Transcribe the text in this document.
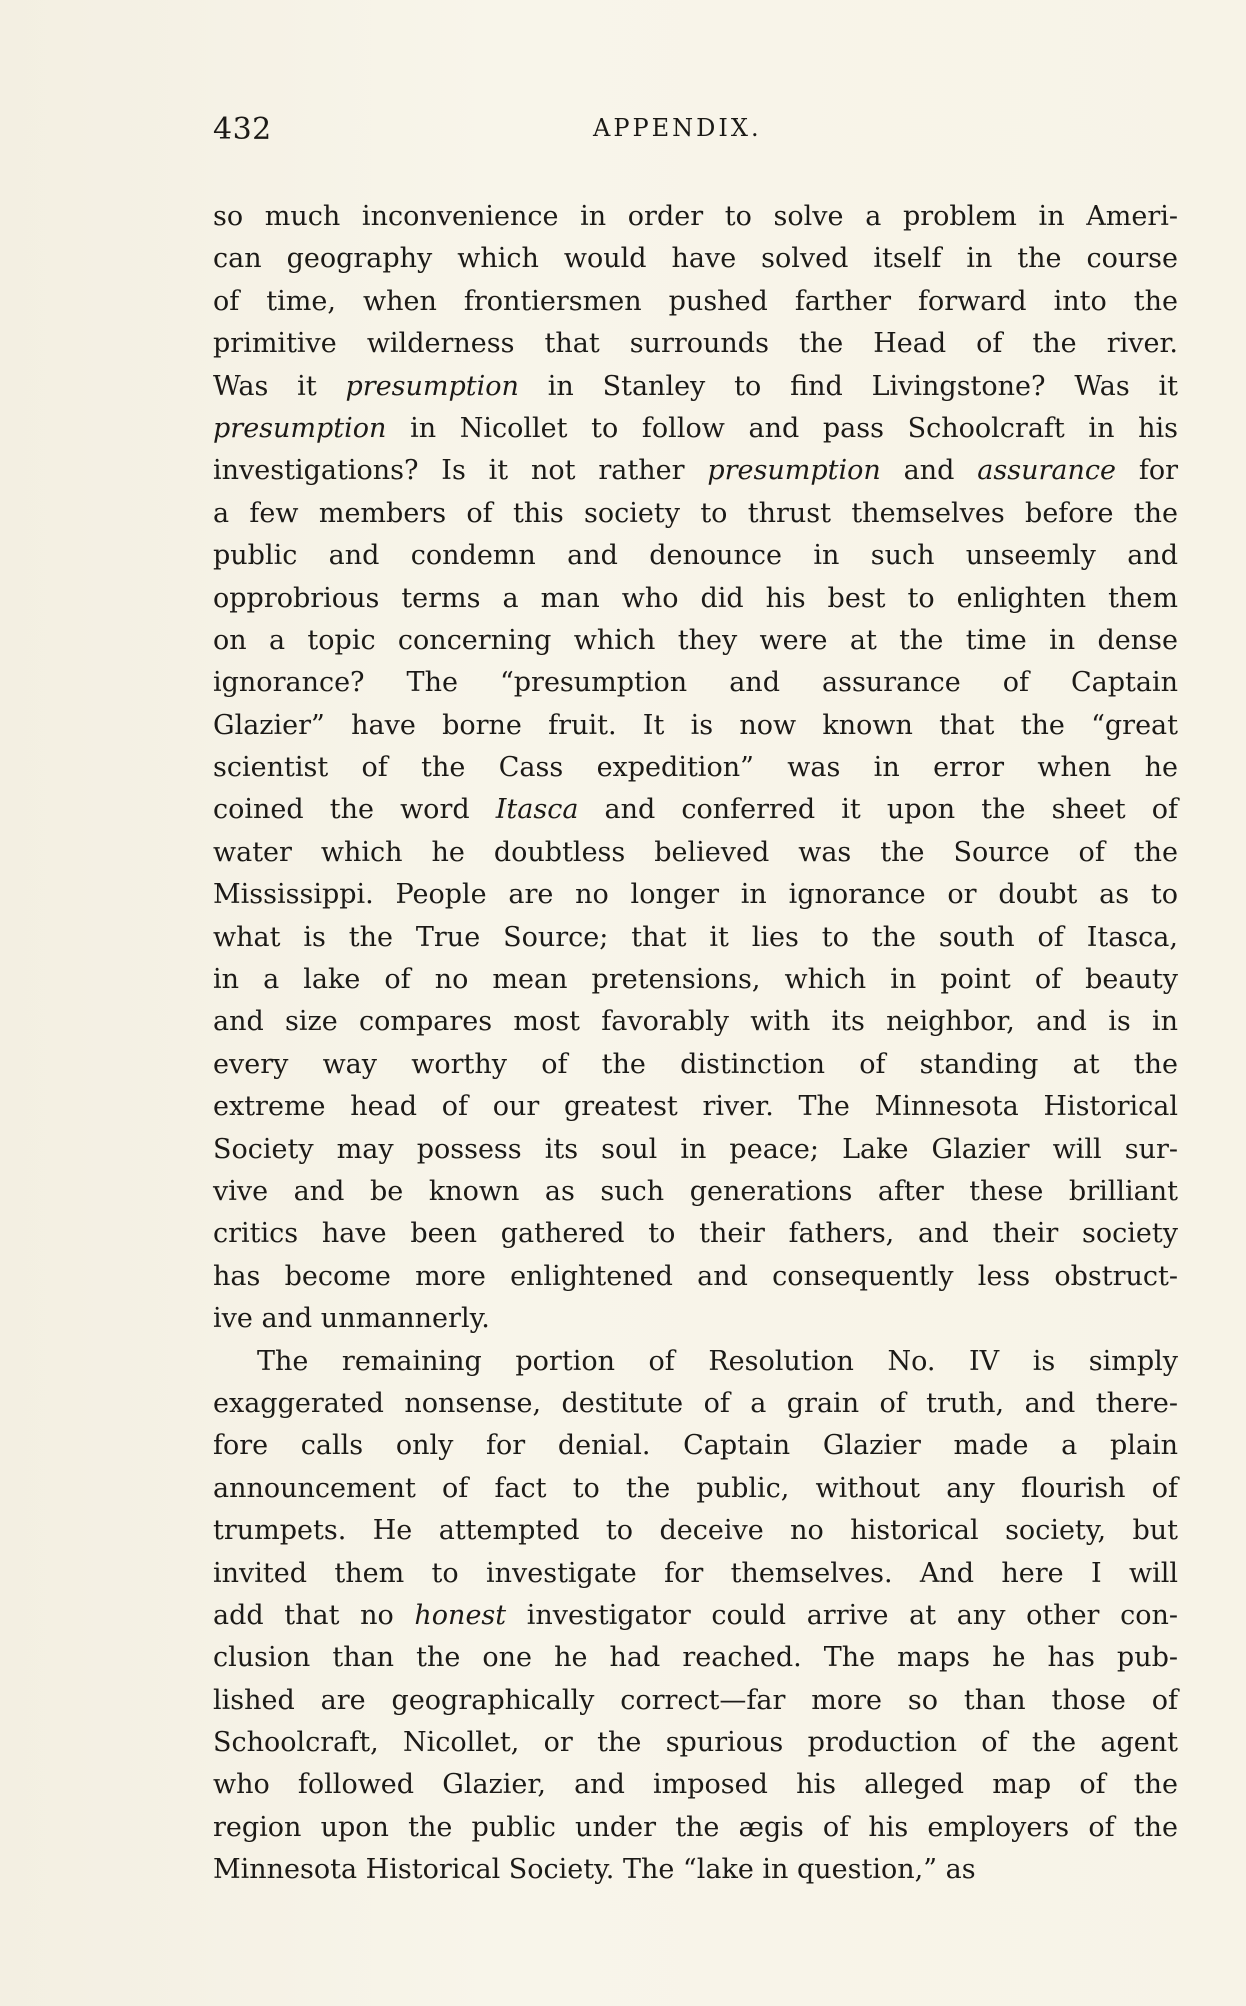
432	APPENDIX.
so much inconvenience in order to solve a problem in Ameri-
can geography which would have solved itself in the course
of time, when frontiersmen pushed farther forward into the
primitive wilderness that surrounds the Head of the river.
Was it presumption in Stanley to find Livingstone? Was it
presumption in Nicollet to follow and pass Schoolcraft in his
investigations? Is it not rather presumption and assurance for
a few members of this society to thrust themselves before the
public and condemn and denounce in such unseemly and
opprobrious terms a man who did his best to enlighten them
on a topic concerning which they were at the time in dense
ignorance? The “presumption and assurance of Captain
Glazier” have borne fruit. It is now known that the “great
scientist of the Cass expedition” was in error when he
coined the word Itasca and conferred it upon the sheet of
water which he doubtless believed was the Source of the
Mississippi. People are no longer in ignorance or doubt as to
what is the True Source; that it lies to the south of Itasca,
in a lake of no mean pretensions, which in point of beauty
and size compares most favorably with its neighbor, and is in
every way worthy of the distinction of standing at the
extreme head of our greatest river. The Minnesota Historical
Society may possess its soul in peace; Lake Glazier will sur-
vive and be known as such generations after these brilliant
critics have been gathered to their fathers, and their society
has become more enlightened and consequently less obstruct-
ive and unmannerly.
The remaining portion of Resolution No. IV is simply
exaggerated nonsense, destitute of a grain of truth, and there-
fore calls only for denial. Captain Glazier made a plain
announcement of fact to the public, without any flourish of
trumpets. He attempted to deceive no historical society, but
invited them to investigate for themselves. And here I will
add that no honest investigator could arrive at any other con-
clusion than the one he had reached. The maps he has pub-
lished are geographically correct—far more so than those of
Schoolcraft, Nicollet, or the spurious production of the agent
who followed Glazier, and imposed his alleged map of the
region upon the public under the ægis of his employers of the
Minnesota Historical Society. The “lake in question,” as
